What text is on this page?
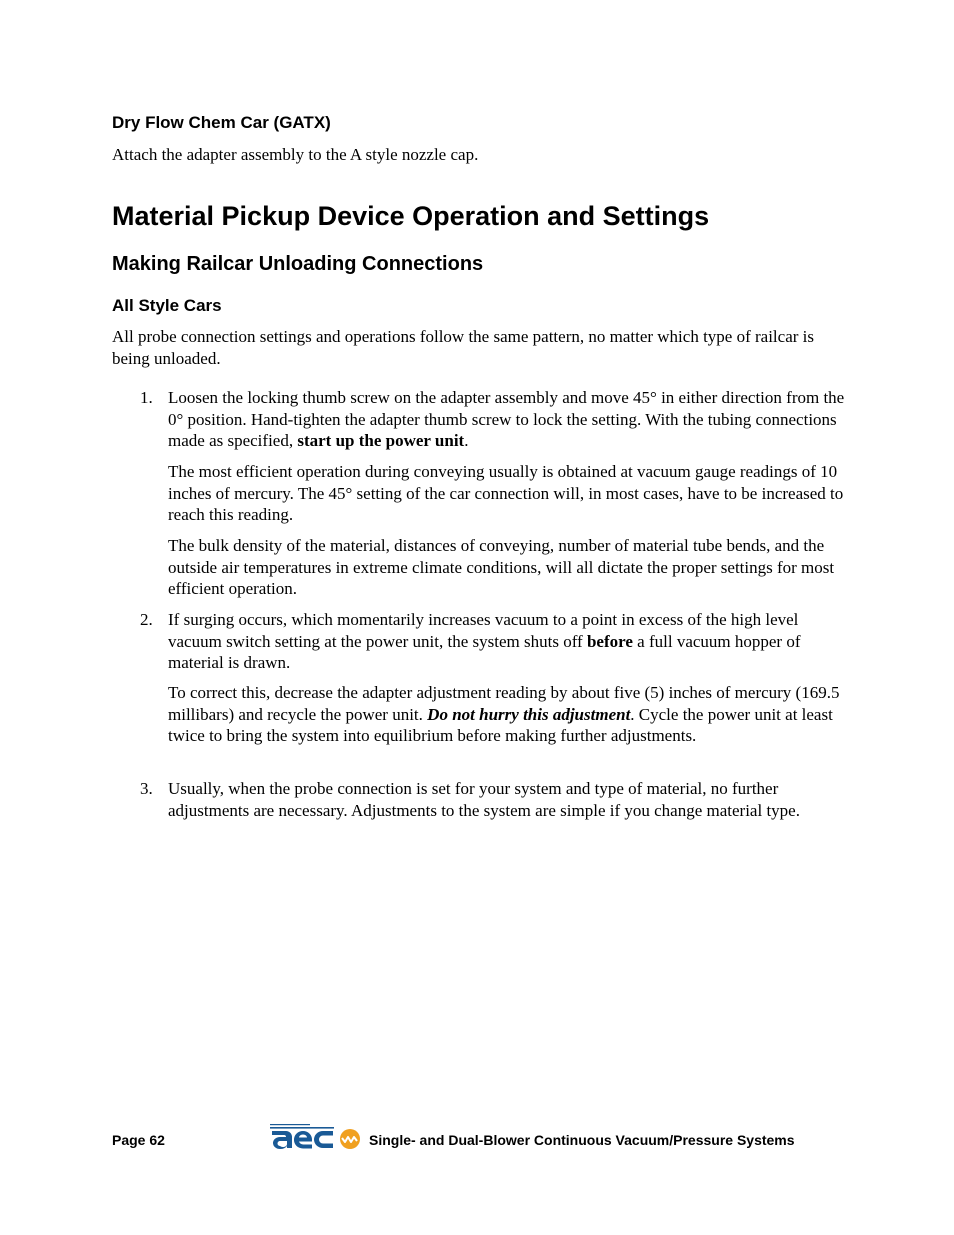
Dry Flow Chem Car (GATX)

Attach the adapter assembly to the A style nozzle cap.

Material Pickup Device Operation and Settings
Making Railcar Unloading Connections
All Style Cars

All probe connection settings and operations follow the same pattern, no matter which type of railcar is being unloaded.

1. Loosen the locking thumb screw on the adapter assembly and move 45° in either direction from the 0° position. Hand-tighten the adapter thumb screw to lock the setting. With the tubing connections made as specified, start up the power unit.

The most efficient operation during conveying usually is obtained at vacuum gauge readings of 10 inches of mercury. The 45° setting of the car connection will, in most cases, have to be increased to reach this reading.

The bulk density of the material, distances of conveying, number of material tube bends, and the outside air temperatures in extreme climate conditions, will all dictate the proper settings for most efficient operation.

2. If surging occurs, which momentarily increases vacuum to a point in excess of the high level vacuum switch setting at the power unit, the system shuts off before a full vacuum hopper of material is drawn.

To correct this, decrease the adapter adjustment reading by about five (5) inches of mercury (169.5 millibars) and recycle the power unit. Do not hurry this adjustment. Cycle the power unit at least twice to bring the system into equilibrium before making further adjustments.

3. Usually, when the probe connection is set for your system and type of material, no further adjustments are necessary. Adjustments to the system are simple if you change material type.

Page 62	Single- and Dual-Blower Continuous Vacuum/Pressure Systems
